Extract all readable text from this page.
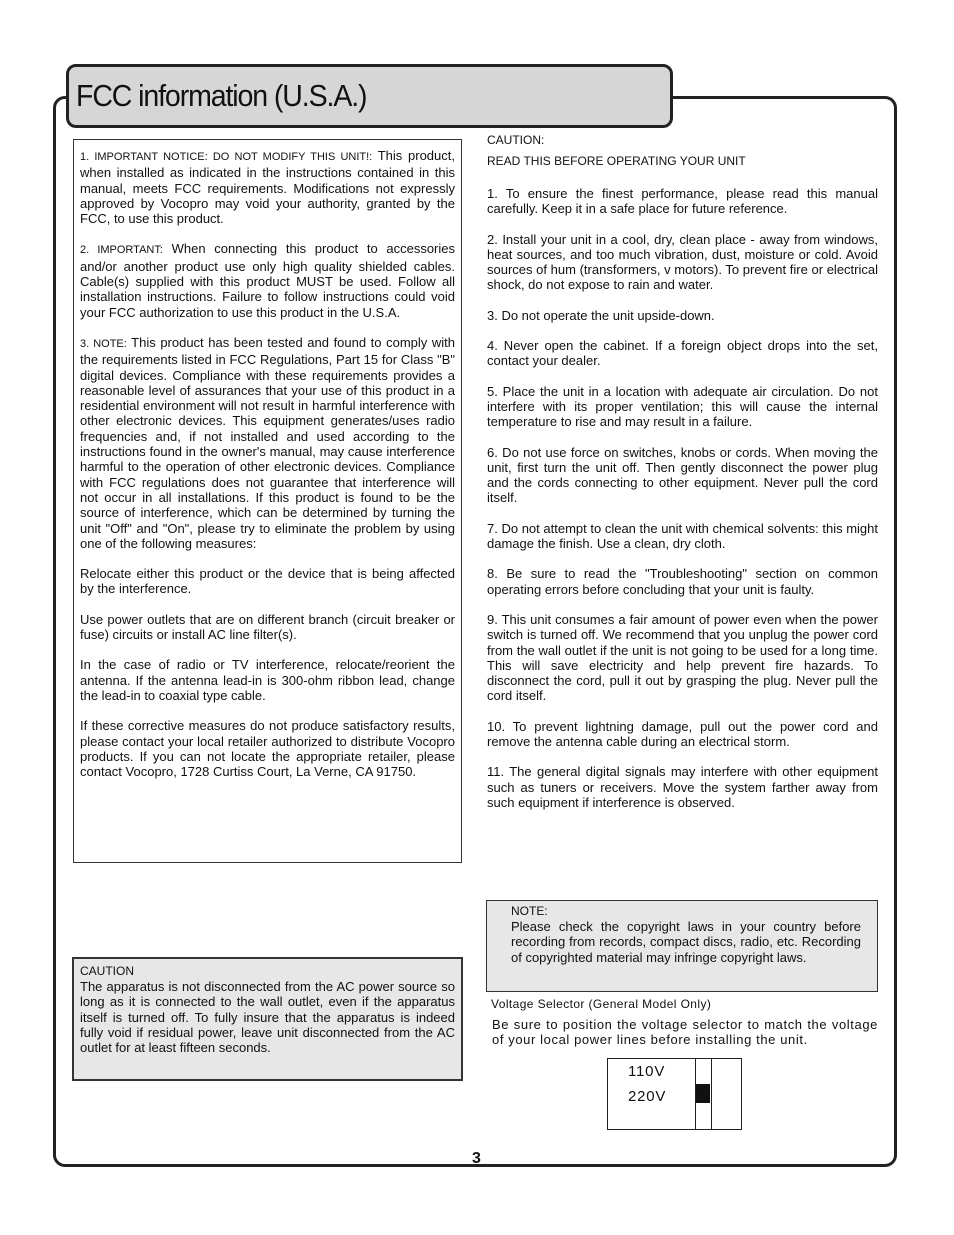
FCC information (U.S.A.)

1. IMPORTANT NOTICE: DO NOT MODIFY THIS UNIT!: This product, when installed as indicated in the instructions contained in this manual, meets FCC requirements. Modifications not expressly approved by Vocopro may void your authority, granted by the FCC, to use this product.

2. IMPORTANT: When connecting this product to accessories and/or another product use only high quality shielded cables. Cable(s) supplied with this product MUST be used. Follow all installation instructions. Failure to follow instructions could void your FCC authorization to use this product in the U.S.A.

3. NOTE: This product has been tested and found to comply with the requirements listed in FCC Regulations, Part 15 for Class "B" digital devices. Compliance with these requirements provides a reasonable level of assurances that your use of this product in a residential environment will not result in harmful interference with other electronic devices. This equipment generates/uses radio frequencies and, if not installed and used according to the instructions found in the owner's manual, may cause interference harmful to the operation of other electronic devices. Compliance with FCC regulations does not guarantee that interference will not occur in all installations. If this product is found to be the source of interference, which can be determined by turning the unit "Off" and "On", please try to eliminate the problem by using one of the following measures:

Relocate either this product or the device that is being affected by the interference.

Use power outlets that are on different branch (circuit breaker or fuse) circuits or install AC line filter(s).

In the case of radio or TV interference, relocate/reorient the antenna. If the antenna lead-in is 300-ohm ribbon lead, change the lead-in to coaxial type cable.

If these corrective measures do not produce satisfactory results, please contact your local retailer authorized to distribute Vocopro products. If you can not locate the appropriate retailer, please contact Vocopro, 1728 Curtiss Court, La Verne, CA 91750.

CAUTION

The apparatus is not disconnected from the AC power source so long as it is connected to the wall outlet, even if the apparatus itself is turned off. To fully insure that the apparatus is indeed fully void if residual power, leave unit disconnected from the AC outlet for at least fifteen seconds.

CAUTION:

READ THIS BEFORE OPERATING YOUR UNIT

1. To ensure the finest performance, please read this manual carefully. Keep it in a safe place for future reference.

2. Install your unit in a cool, dry, clean place - away from windows, heat sources, and too much vibration, dust, moisture or cold. Avoid sources of hum (transformers, v motors). To prevent fire or electrical shock, do not expose to rain and water.

3. Do not operate the unit upside-down.

4. Never open the cabinet. If a foreign object drops into the set, contact your dealer.

5. Place the unit in a location with adequate air circulation. Do not interfere with its proper ventilation; this will cause the internal temperature to rise and may result in a failure.

6. Do not use force on switches, knobs or cords. When moving the unit, first turn the unit off. Then gently disconnect the power plug and the cords connecting to other equipment. Never pull the cord itself.

7. Do not attempt to clean the unit with chemical solvents: this might damage the finish. Use a clean, dry cloth.

8. Be sure to read the "Troubleshooting" section on common operating errors before concluding that your unit is faulty.

9. This unit consumes a fair amount of power even when the power switch is turned off. We recommend that you unplug the power cord from the wall outlet if the unit is not going to be used for a long time. This will save electricity and help prevent fire hazards. To disconnect the cord, pull it out by grasping the plug. Never pull the cord itself.

10. To prevent lightning damage, pull out the power cord and remove the antenna cable during an electrical storm.

11. The general digital signals may interfere with other equipment such as tuners or receivers. Move the system farther away from such equipment if interference is observed.

NOTE:

Please check the copyright laws in your country before recording from records, compact discs, radio, etc. Recording of copyrighted material may infringe copyright laws.

Voltage Selector (General Model Only)

Be sure to position the voltage selector to match the voltage of your local power lines before installing the unit.

110V

220V

3
